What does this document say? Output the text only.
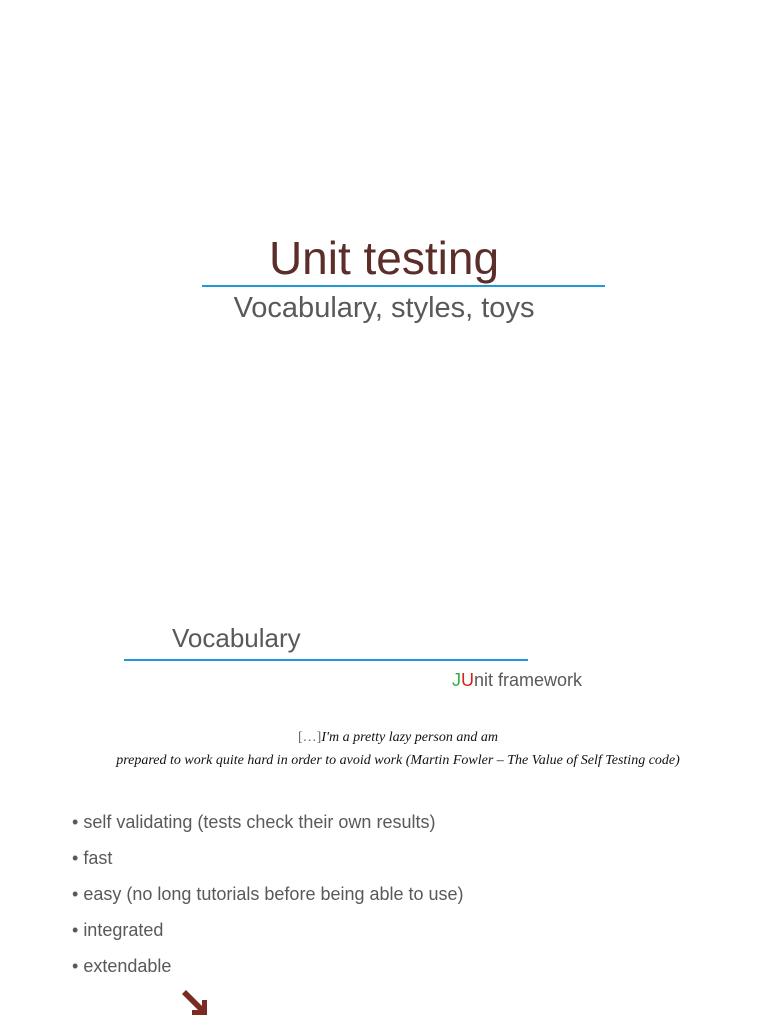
Unit testing
Vocabulary, styles, toys
Vocabulary
JUnit framework
[…]I'm a pretty lazy person and am
prepared to work quite hard in order to avoid work (Martin Fowler – The Value of Self Testing code)
• self validating (tests check their own results)
• fast
• easy (no long tutorials before being able to use)
• integrated
• extendable
